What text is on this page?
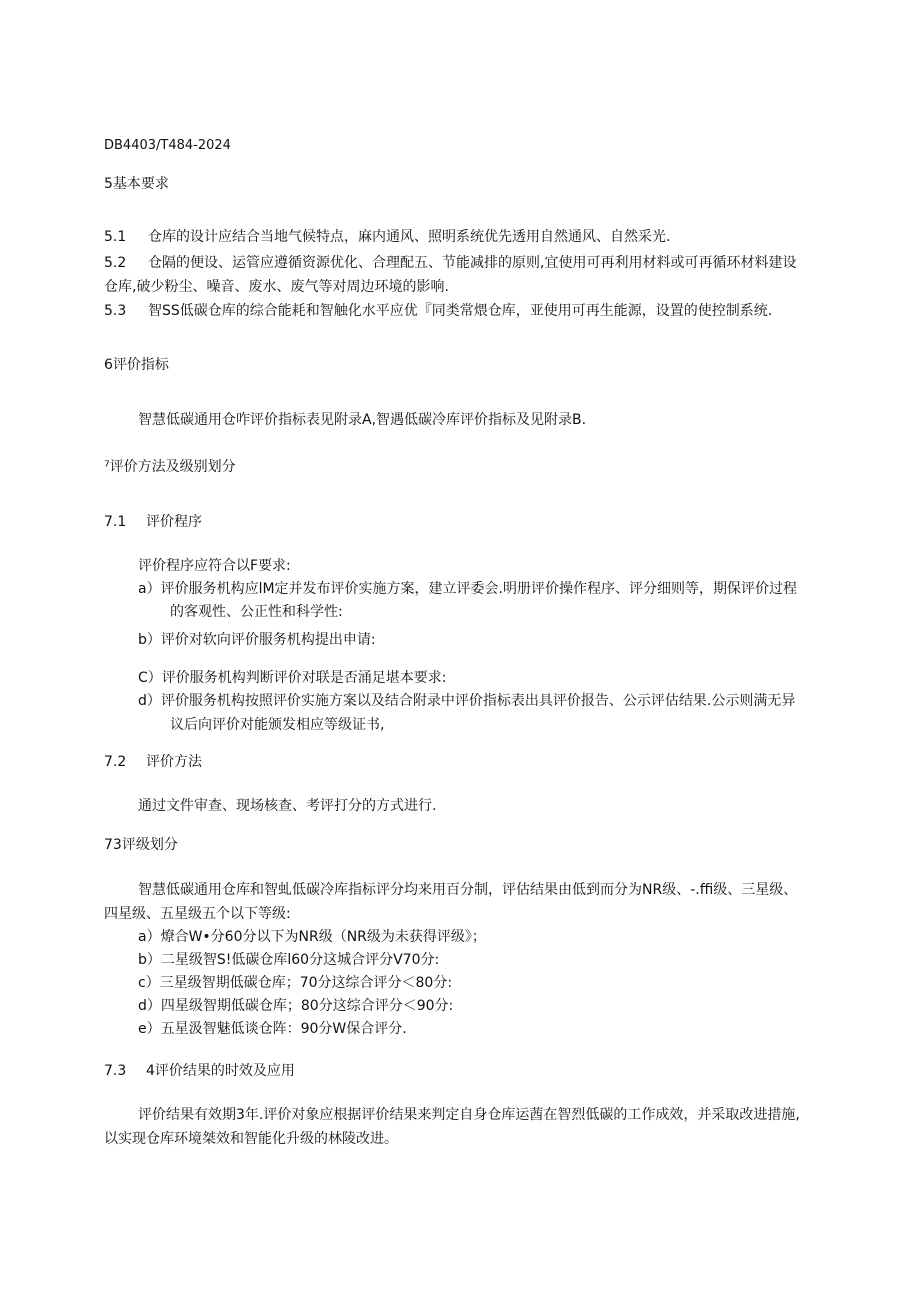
DB4403∕T484-2024
5基本要求
5.1 仓库的设计应结合当地气候特点，麻内通风、照明系统优先透用自然通风、自然采光.
5.2 仓隔的便设、运管应遵循资源优化、合理配五、节能减排的原则,宜使用可再利用材料或可再循环材料建设
仓库,破少粉尘、噪音、废水、废气等对周边环境的影响.
5.3 智SS低碳仓库的综合能耗和智触化水平应优『同类常煨仓库，亚使用可再生能源，设置的使控制系统.
6评价指标
智慧低碳通用仓咋评价指标表见附录A,智遇低碳冷库评价指标及见附录B.
⁷评价方法及级别划分
7.1 评价程序
评价程序应符合以F要求:
a）评价服务机构应lM定并发布评价实施方案，建立评委会.明册评价操作程序、评分细则等，期保评价过程
的客观性、公正性和科学性:
b）评价对软向评价服务机构提出申请:
C）评价服务机构判断评价对联是否涌足堪本要求:
d）评价服务机构按照评价实施方案以及结合附录中评价指标表出具评价报告、公示评估结果.公示则满无异
议后向评价对能颁发相应等级证书,
7.2 评价方法
通过文件审查、现场核查、考评打分的方式进行.
73评级划分
智慧低碳通用仓库和智虬低碳冷库指标评分均来用百分制，评估结果由低到而分为NR级、-.ffi级、三星级、
四星级、五星级五个以下等级:
a）燎合W•分60分以下为NR级（NR级为未获得评级》；
b）二星级智S!低碳仓库l60分这城合评分V70分:
c）三星级智期低碳仓库；70分这综合评分＜80分:
d）四星级智期低碳仓库；80分这综合评分＜90分:
e）五星汲智魅低谈仓阵：90分W保合评分.
7.3 4评价结果的时效及应用
评价结果有效期3年.评价对象应根据评价结果来判定自身仓库运莤在智烈低碳的工作成效，并采取改进措施,
以实现仓库环境桀效和智能化升级的林陵改进。
